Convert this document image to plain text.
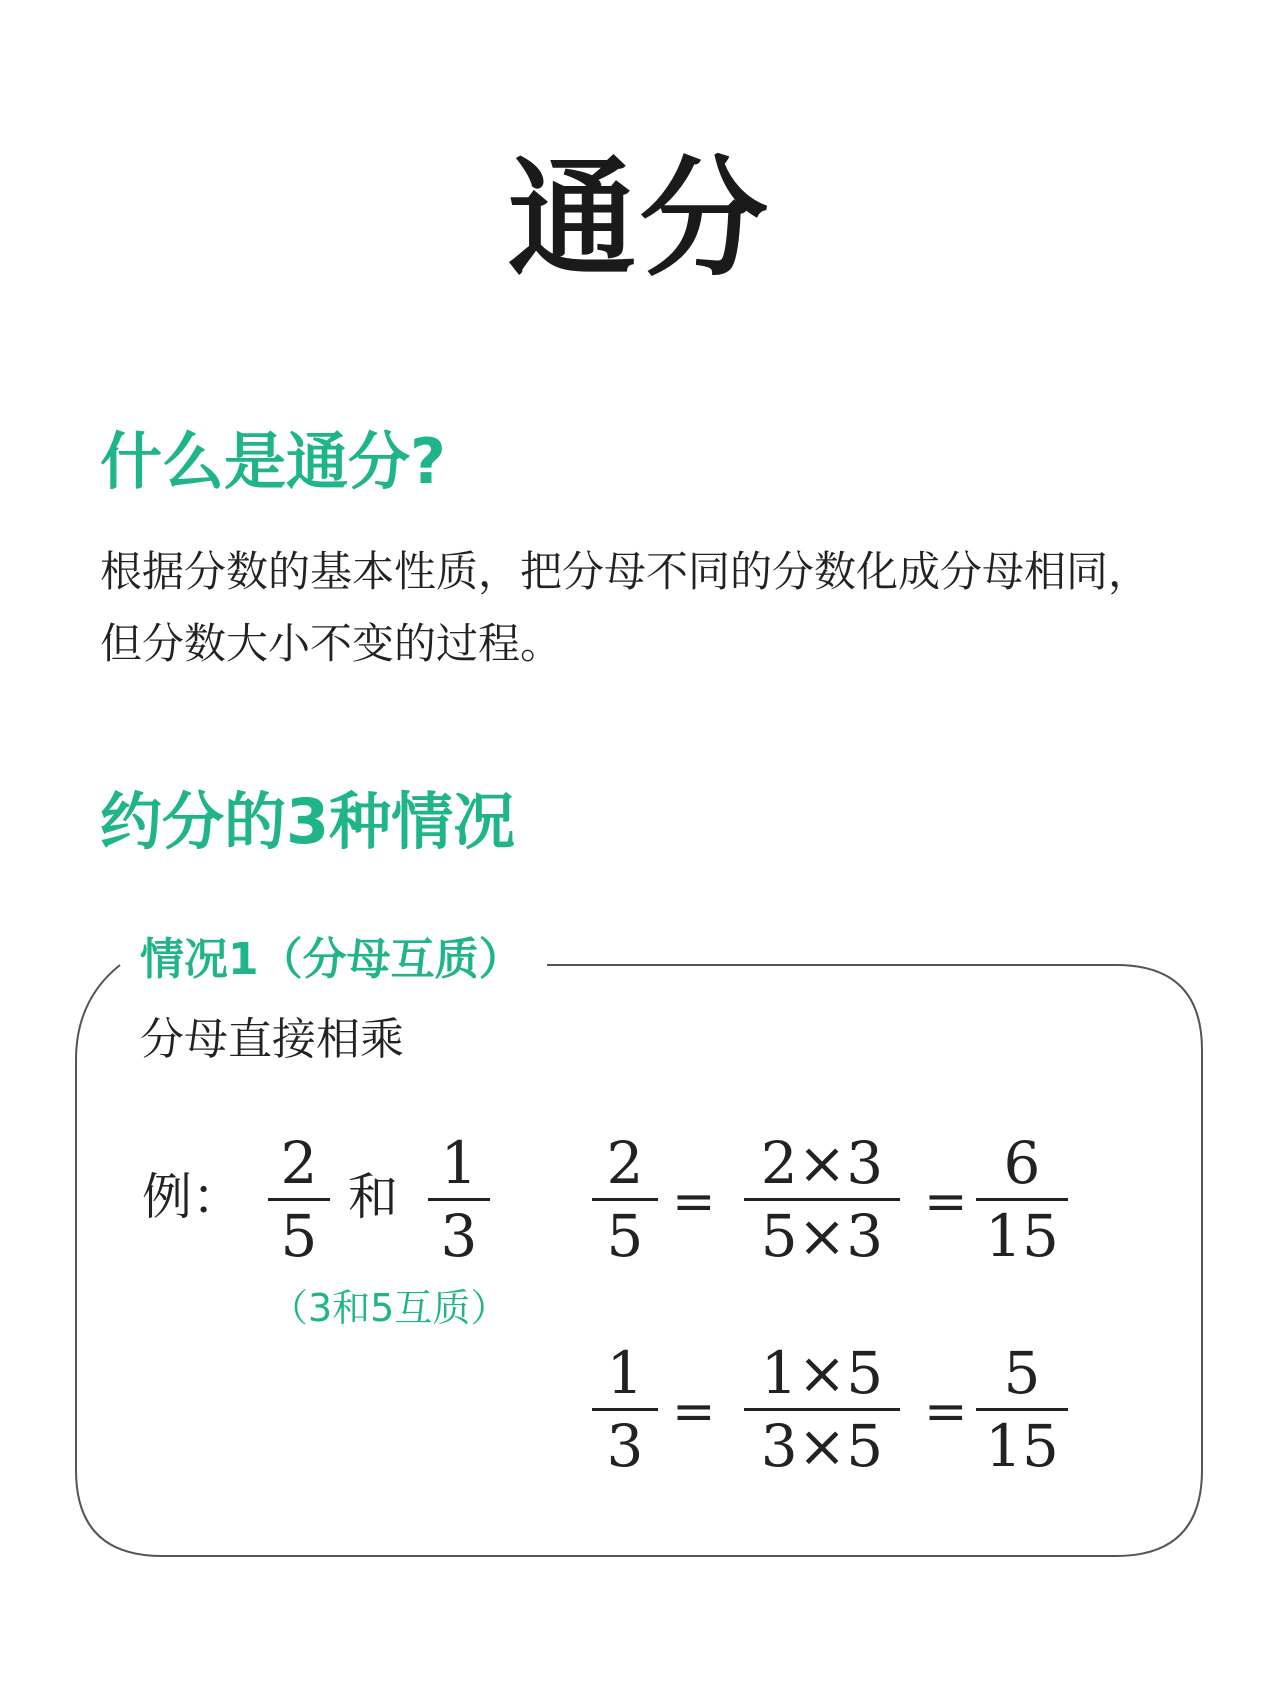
通分
什么是通分?
根据分数的基本性质，把分母不同的分数化成分母相同，
但分数大小不变的过程。
约分的3种情况
情况1（分母互质）
分母直接相乘
例： 2
5
和 1
3
（3和5互质）
2
5 =
2×3
5×3 =
6
15
1
3 =
1×5
3×5 =
5
15
